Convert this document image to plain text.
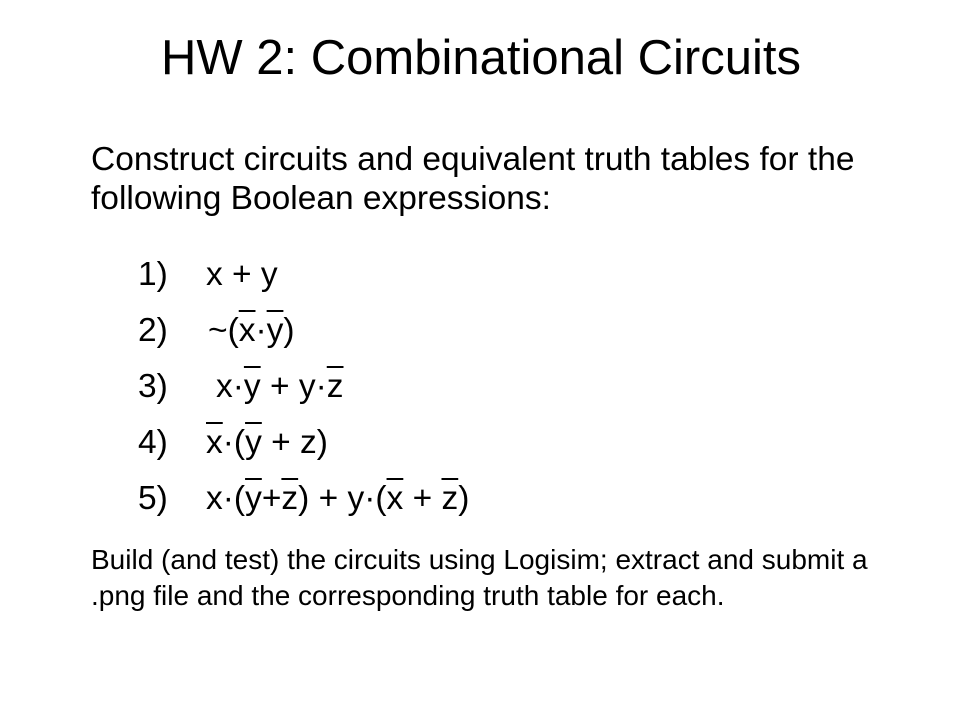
HW 2: Combinational Circuits

Construct circuits and equivalent truth tables for the following Boolean expressions:

1) x + y
2) $\sim(\overline{x}\cdot\overline{y})$
3) $x\cdot\overline{y} + y\cdot\overline{z}$
4) $\overline{x}\cdot(\overline{y} + z)$
5) $x\cdot(\overline{y}+\overline{z}) + y\cdot(\overline{x} + \overline{z})$

Build (and test) the circuits using Logisim; extract and submit a .png file and the corresponding truth table for each.
